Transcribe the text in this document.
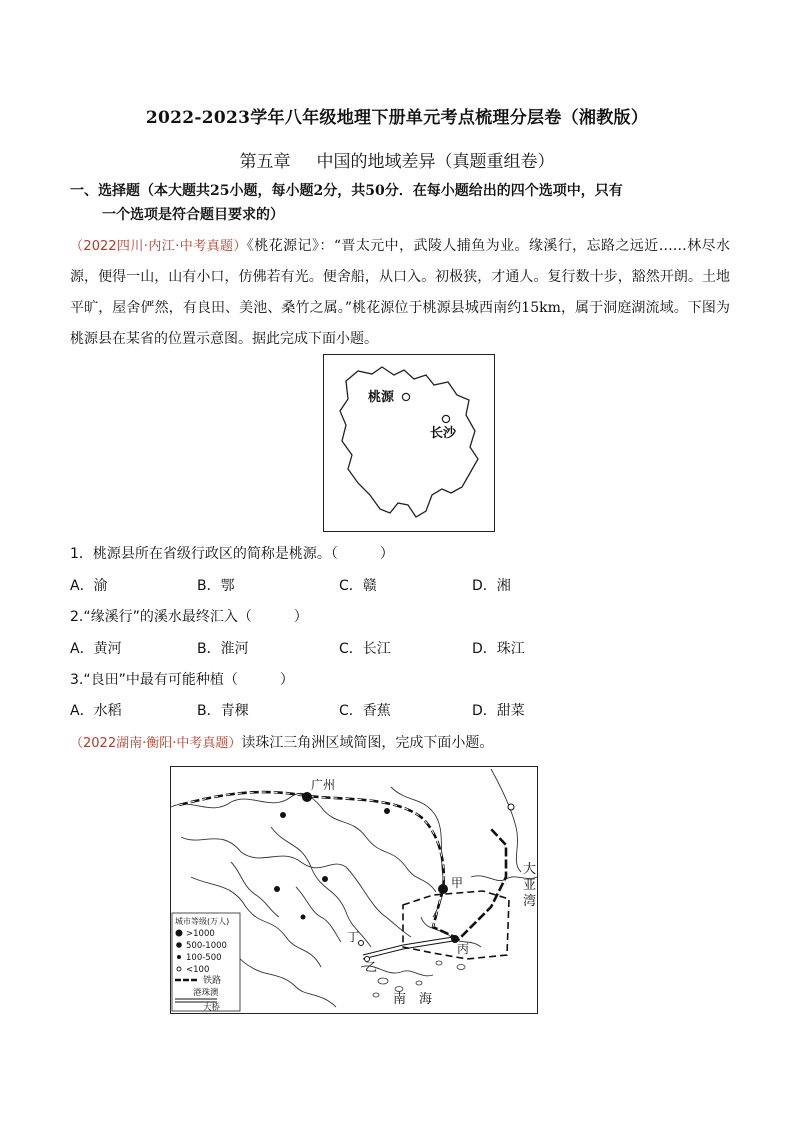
2022-2023学年八年级地理下册单元考点梳理分层卷（湘教版）
第五章 中国的地域差异（真题重组卷）
一、选择题（本大题共25小题，每小题2分，共50分．在每小题给出的四个选项中，只有
一个选项是符合题目要求的）
（2022四川·内江·中考真题）《桃花源记》：“晋太元中，武陵人捕鱼为业。缘溪行，忘路之远近……林尽水源，便得一山，山有小口，仿佛若有光。便舍船，从口入。初极狭，才通人。复行数十步，豁然开朗。土地平旷，屋舍俨然，有良田、美池、桑竹之属。”桃花源位于桃源县城西南约15km，属于洞庭湖流域。下图为桃源县在某省的位置示意图。据此完成下面小题。
桃源
长沙
1．桃源县所在省级行政区的简称是桃源。（　　　）
A．渝	B．鄂	C．赣	D．湘
2.“缘溪行”的溪水最终汇入（　　　）
A．黄河	B．淮河	C．长江	D．珠江
3.“良田”中最有可能种植（　　　）
A．水稻	B．青稞	C．香蕉	D．甜菜
（2022湖南·衡阳·中考真题）读珠江三角洲区域简图，完成下面小题。
广州
甲
丙
丁
乙
大
亚
湾
南　海
城市等级(万人)
>1000
500-1000
100-500
<100
铁路
港珠澳
大桥
